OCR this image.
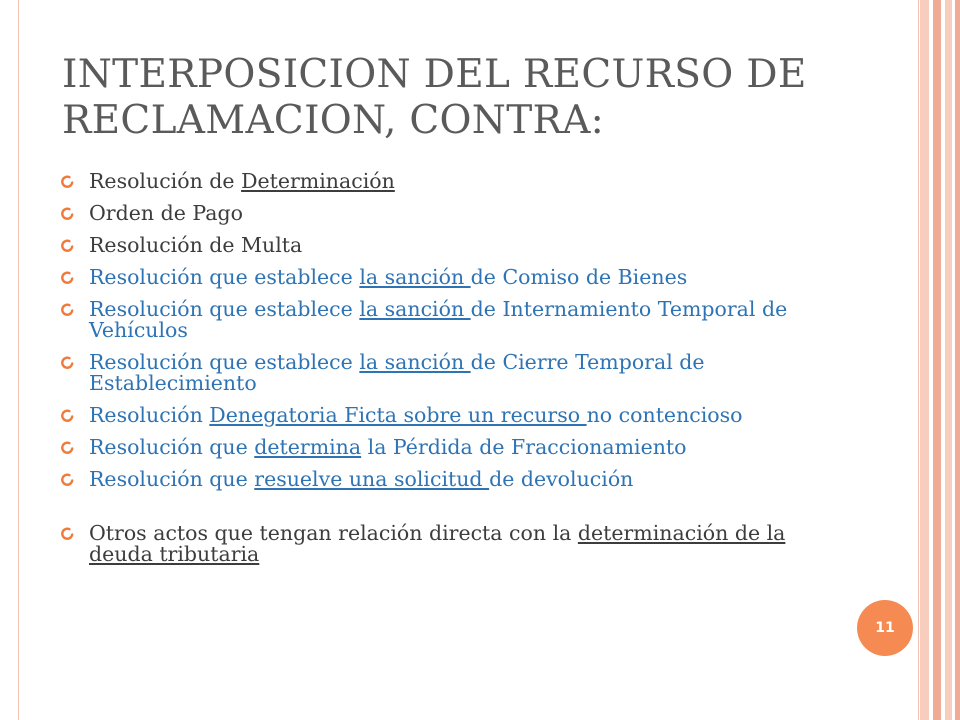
INTERPOSICION DEL RECURSO DE RECLAMACION, CONTRA:
Resolución de Determinación
Orden de Pago
Resolución de Multa
Resolución que establece la sanción de Comiso de Bienes
Resolución que establece la sanción de Internamiento Temporal de Vehículos
Resolución que establece la sanción de Cierre Temporal de Establecimiento
Resolución Denegatoria Ficta sobre un recurso no contencioso
Resolución que determina la Pérdida de Fraccionamiento
Resolución que resuelve una solicitud de devolución
Otros actos que tengan relación directa con la determinación de la deuda tributaria
11
